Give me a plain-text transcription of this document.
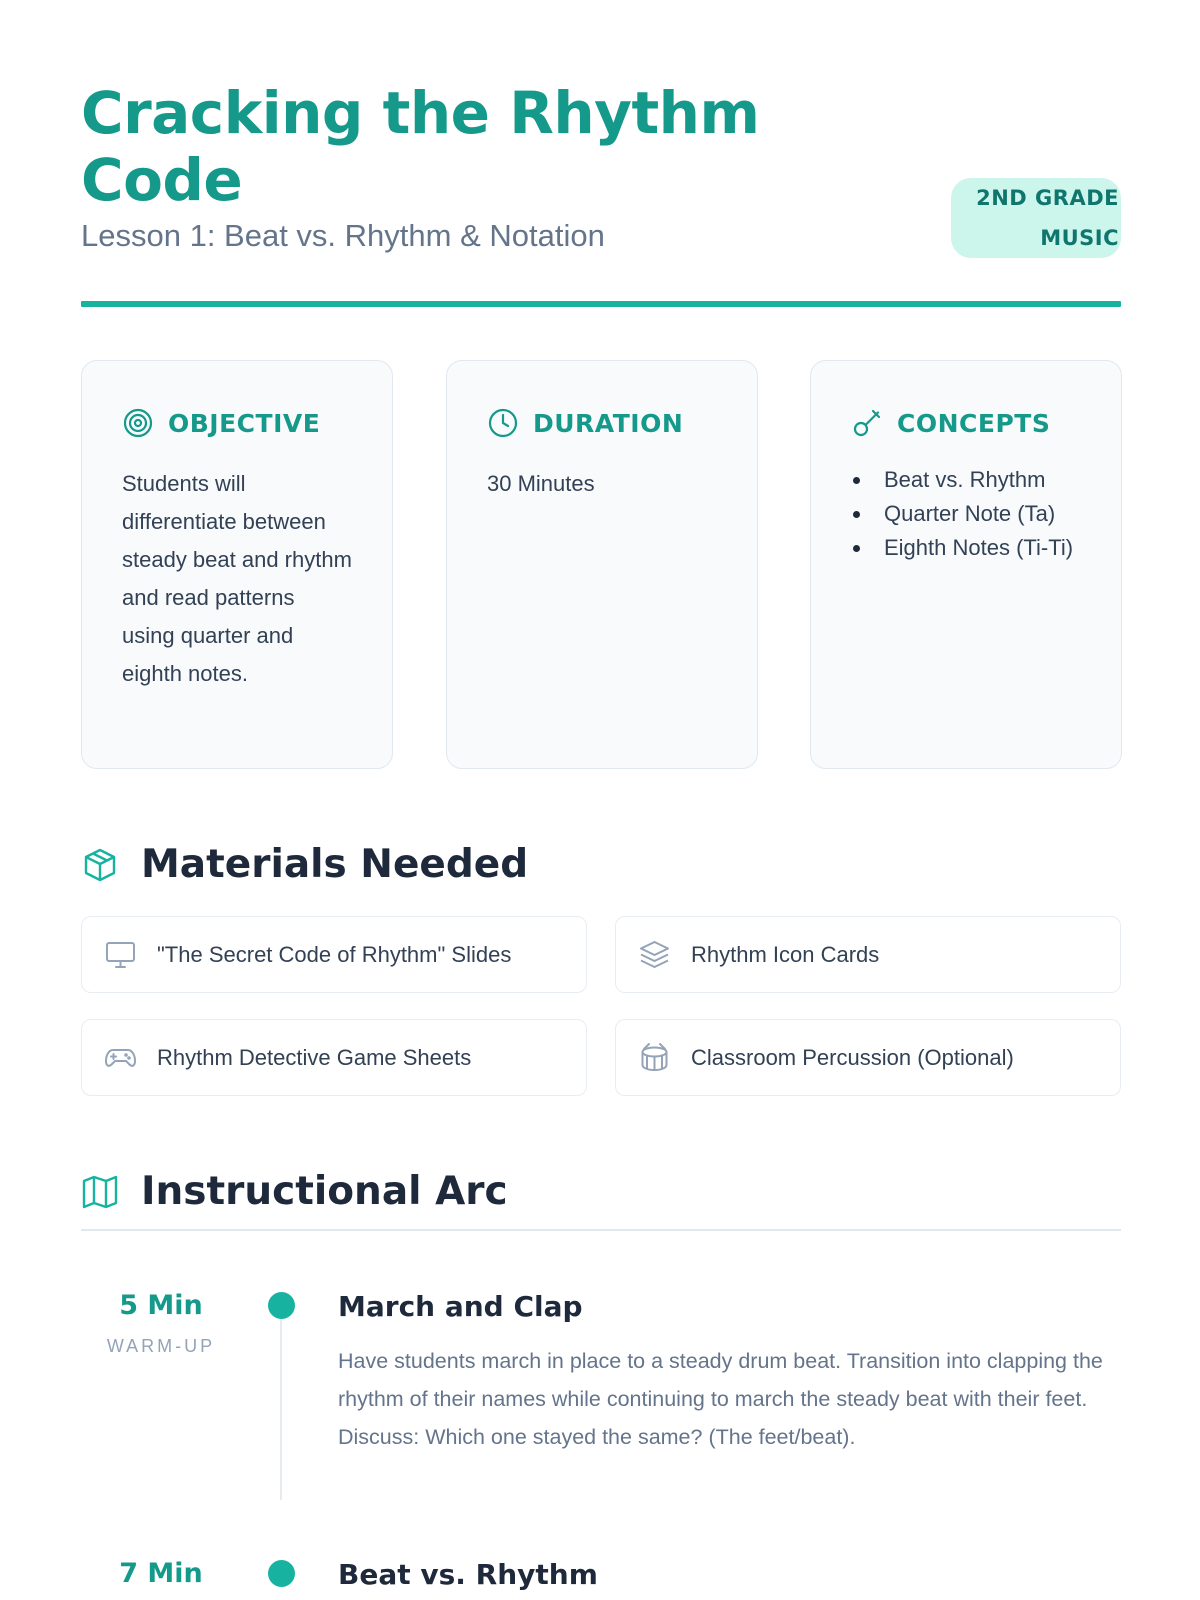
Cracking the Rhythm Code
Lesson 1: Beat vs. Rhythm & Notation
2ND GRADE MUSIC
OBJECTIVE

Students will differentiate between steady beat and rhythm and read patterns using quarter and eighth notes.

DURATION

30 Minutes

CONCEPTS
Beat vs. Rhythm
Quarter Note (Ta)
Eighth Notes (Ti-Ti)
Materials Needed
"The Secret Code of Rhythm" Slides	Rhythm Icon Cards
Rhythm Detective Game Sheets	Classroom Percussion (Optional)
Instructional Arc
5 Min
WARM-UP
March and Clap
Have students march in place to a steady drum beat. Transition into clapping the rhythm of their names while continuing to march the steady beat with their feet. Discuss: Which one stayed the same? (The feet/beat).
7 Min	Beat vs. Rhythm
